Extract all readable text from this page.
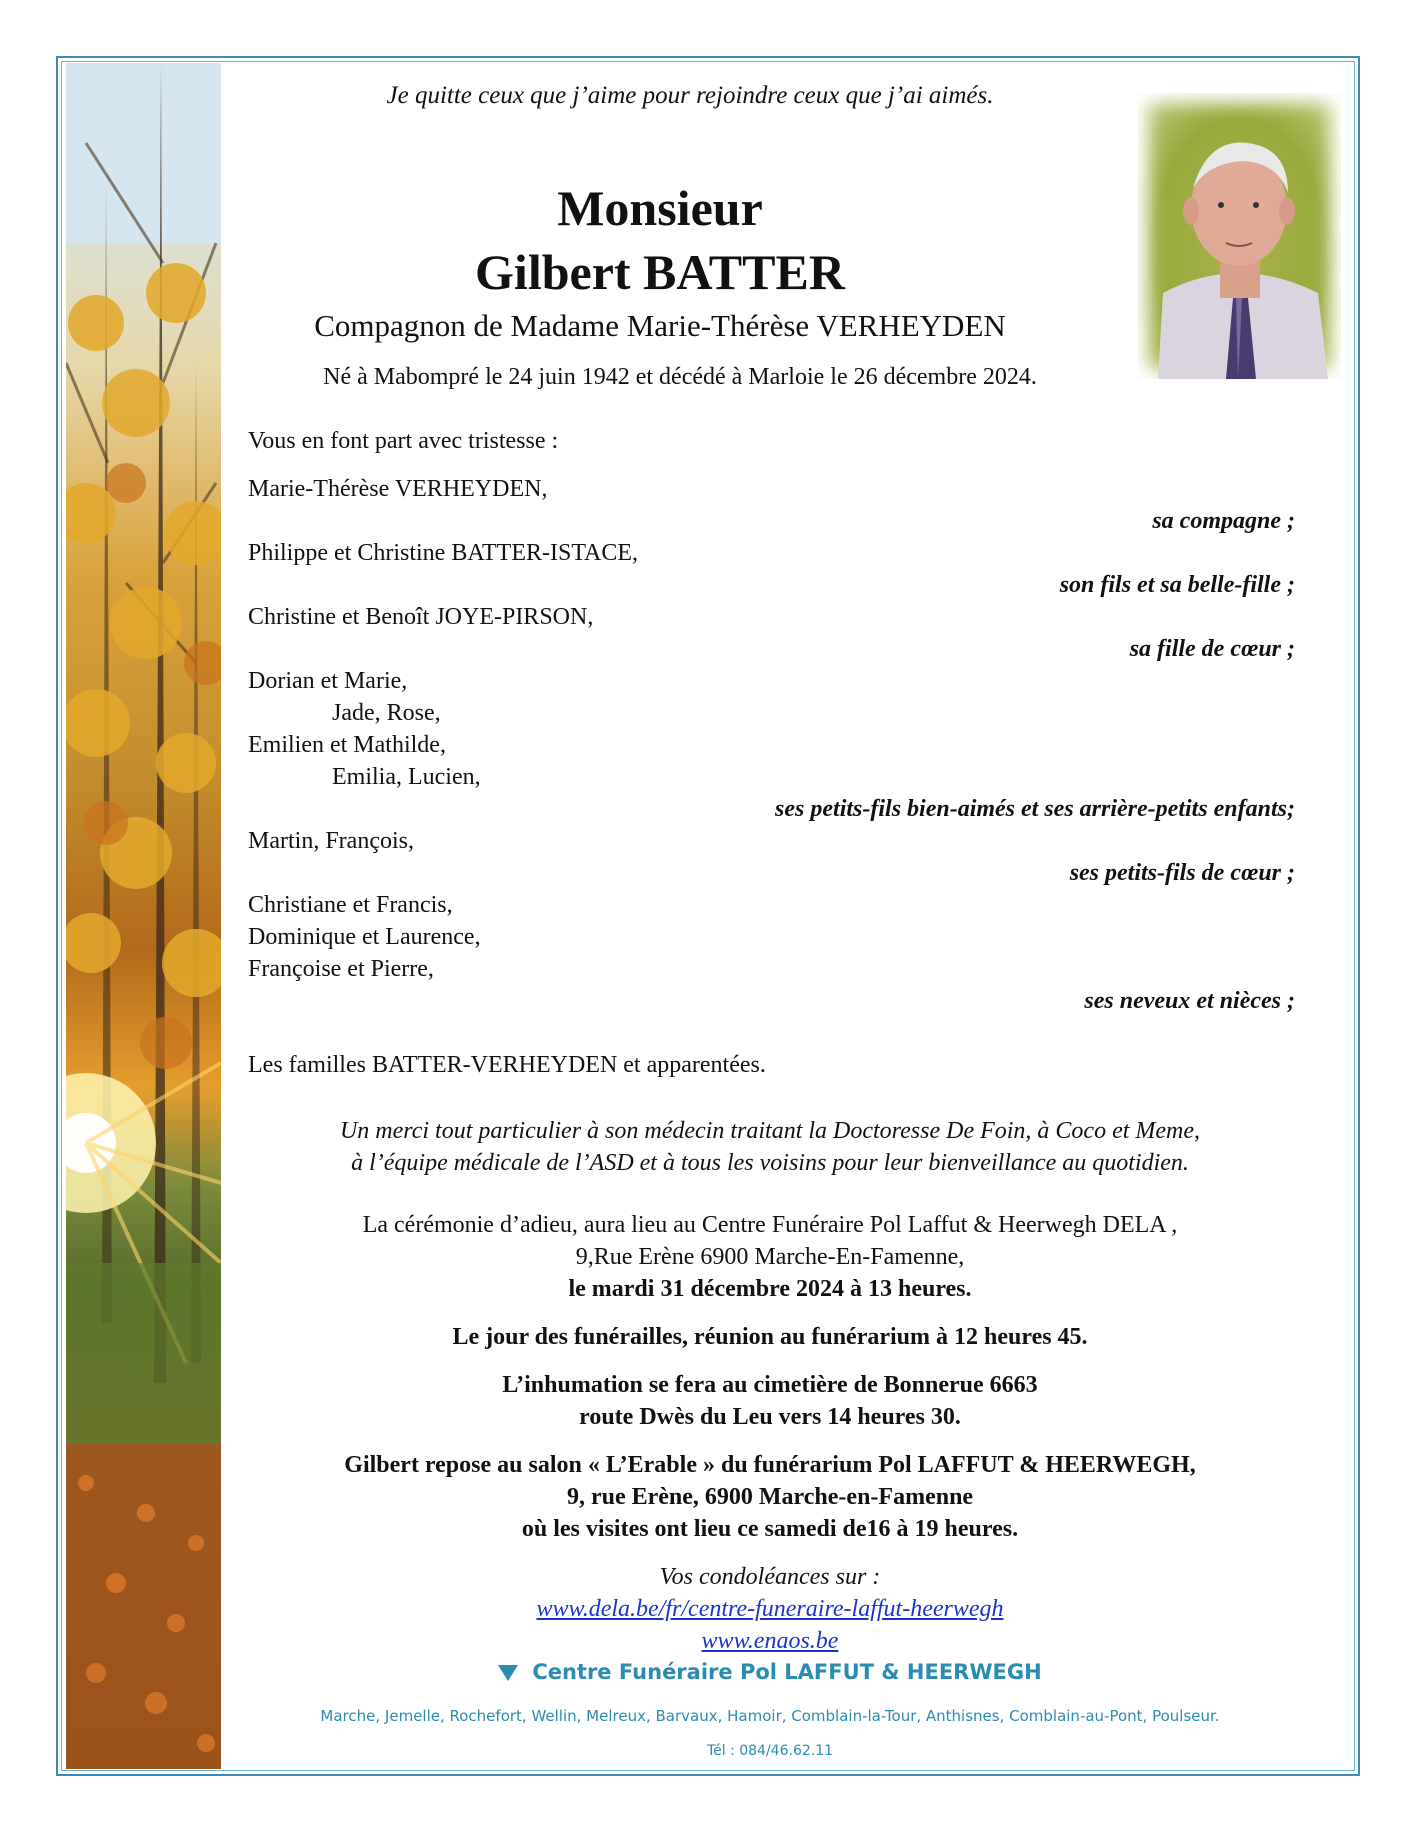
Je quitte ceux que j’aime pour rejoindre ceux que j’ai aimés.
Monsieur
Gilbert BATTER
Compagnon de Madame Marie-Thérèse VERHEYDEN
Né à Mabompré le 24 juin 1942 et décédé à Marloie le 26 décembre 2024.
Vous en font part avec tristesse :
Marie-Thérèse VERHEYDEN,
sa compagne ;
Philippe et Christine BATTER-ISTACE,
son fils et sa belle-fille ;
Christine et Benoît JOYE-PIRSON,
sa fille de cœur ;
Dorian et Marie,
Jade, Rose,
Emilien et Mathilde,
Emilia, Lucien,
ses petits-fils bien-aimés et ses arrière-petits enfants;
Martin, François,
ses petits-fils de cœur ;
Christiane et Francis,
Dominique et Laurence,
Françoise et Pierre,
ses neveux et nièces ;
Les familles BATTER-VERHEYDEN et apparentées.
Un merci tout particulier à son médecin traitant la Doctoresse De Foin, à Coco et Meme,
à l’équipe médicale de l’ASD et à tous les voisins pour leur bienveillance au quotidien.
La cérémonie d’adieu, aura lieu au Centre Funéraire Pol Laffut & Heerwegh DELA ,
9,Rue Erène 6900 Marche-En-Famenne,
le mardi 31 décembre 2024 à 13 heures.
Le jour des funérailles, réunion au funérarium à 12 heures 45.
L’inhumation se fera au cimetière de Bonnerue 6663
route Dwès du Leu vers 14 heures 30.
Gilbert repose au salon « L’Erable » du funérarium Pol LAFFUT & HEERWEGH,
9, rue Erène, 6900 Marche-en-Famenne
où les visites ont lieu ce samedi de16 à 19 heures.
Vos condoléances sur :
www.dela.be/fr/centre-funeraire-laffut-heerwegh
www.enaos.be
Centre Funéraire Pol LAFFUT & HEERWEGH
Marche, Jemelle, Rochefort, Wellin, Melreux, Barvaux, Hamoir, Comblain-la-Tour, Anthisnes, Comblain-au-Pont, Poulseur.
Tél : 084/46.62.11
